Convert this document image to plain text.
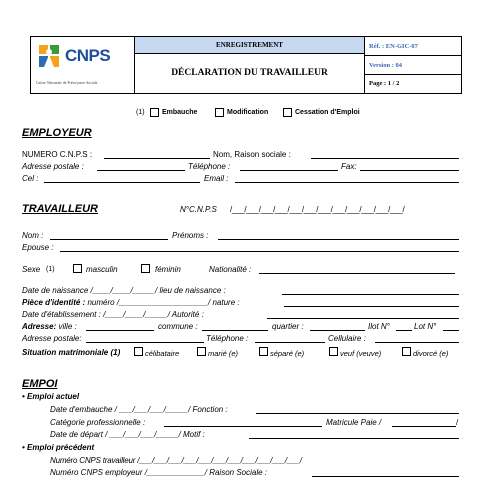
CNPS
Caisse Nationale de Prévoyance Sociale
ENREGISTREMENT
DÉCLARATION DU TRAVAILLEUR
Réf. : EN-GIC-07
Version : 04
Page : 1 / 2
(1) Embauche	Modification	Cessation d'Emploi
EMPLOYEUR
NUMERO C.N.P.S :	Nom, Raison sociale :
Adresse postale :	Téléphone :	Fax:
Cel :	Email :
TRAVAILLEUR	N°C.N.P.S /___/___/___/___/___/___/___/___/___/___/___/___/
Nom :	Prénoms :
Epouse :
Sexe (1)	masculin	féminin	Nationalité :
Date de naissance /____/____/_____/ lieu de naissance :
Pièce d'identité : numéro /____________________/ nature :
Date d'établissement : /____/____/_____/ Autorité :
Adresse: ville :	commune :	quartier :	Ilot N°	Lot N°
Adresse postale:	Téléphone :	Cellulaire :
Situation matrimoniale (1)	célibataire	marié (e)	séparé (e)	veuf (veuve)	divorcé (e)
EMPOI
• Emploi actuel
Date d'embauche / ___/___/___/_____/ Fonction :
Catégorie professionnelle :	Matricule Paie /	/
Date de départ / ___/___/___/_____/ Motif :
• Emploi précédent
Numéro CNPS travailleur /___/___/___/___/___/___/___/___/___/___/___/
Numéro CNPS employeur /_____________/ Raison Sociale :
